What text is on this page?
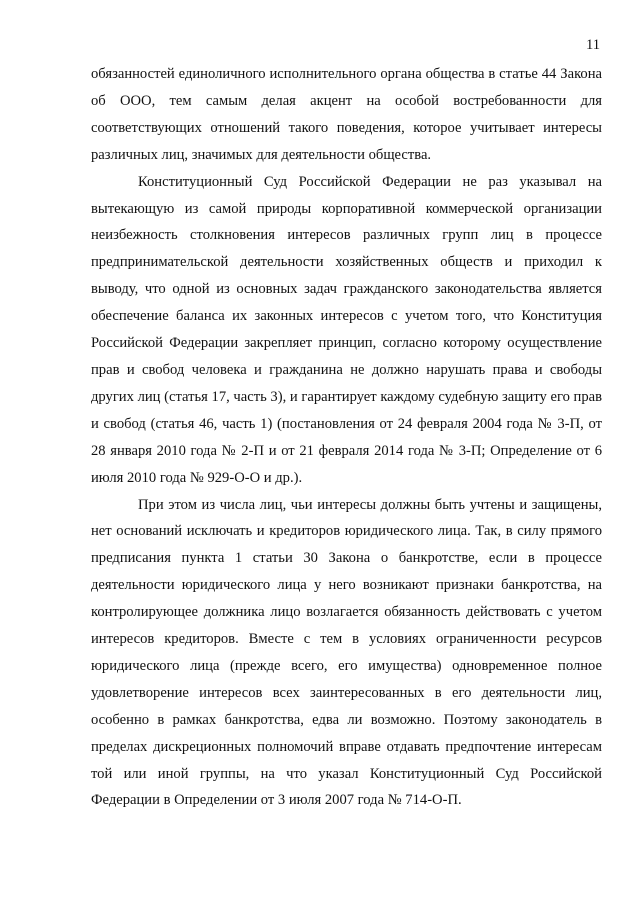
11

обязанностей единоличного исполнительного органа общества в статье 44 Закона об ООО, тем самым делая акцент на особой востребованности для соответствующих отношений такого поведения, которое учитывает интересы различных лиц, значимых для деятельности общества.

Конституционный Суд Российской Федерации не раз указывал на вытекающую из самой природы корпоративной коммерческой организации неизбежность столкновения интересов различных групп лиц в процессе предпринимательской деятельности хозяйственных обществ и приходил к выводу, что одной из основных задач гражданского законодательства является обеспечение баланса их законных интересов с учетом того, что Конституция Российской Федерации закрепляет принцип, согласно которому осуществление прав и свобод человека и гражданина не должно нарушать права и свободы других лиц (статья 17, часть 3), и гарантирует каждому судебную защиту его прав и свобод (статья 46, часть 1) (постановления от 24 февраля 2004 года № 3-П, от 28 января 2010 года № 2-П и от 21 февраля 2014 года № 3-П; Определение от 6 июля 2010 года № 929-О-О и др.).

При этом из числа лиц, чьи интересы должны быть учтены и защищены, нет оснований исключать и кредиторов юридического лица. Так, в силу прямого предписания пункта 1 статьи 30 Закона о банкротстве, если в процессе деятельности юридического лица у него возникают признаки банкротства, на контролирующее должника лицо возлагается обязанность действовать с учетом интересов кредиторов. Вместе с тем в условиях ограниченности ресурсов юридического лица (прежде всего, его имущества) одновременное полное удовлетворение интересов всех заинтересованных в его деятельности лиц, особенно в рамках банкротства, едва ли возможно. Поэтому законодатель в пределах дискреционных полномочий вправе отдавать предпочтение интересам той или иной группы, на что указал Конституционный Суд Российской Федерации в Определении от 3 июля 2007 года № 714-О-П.
